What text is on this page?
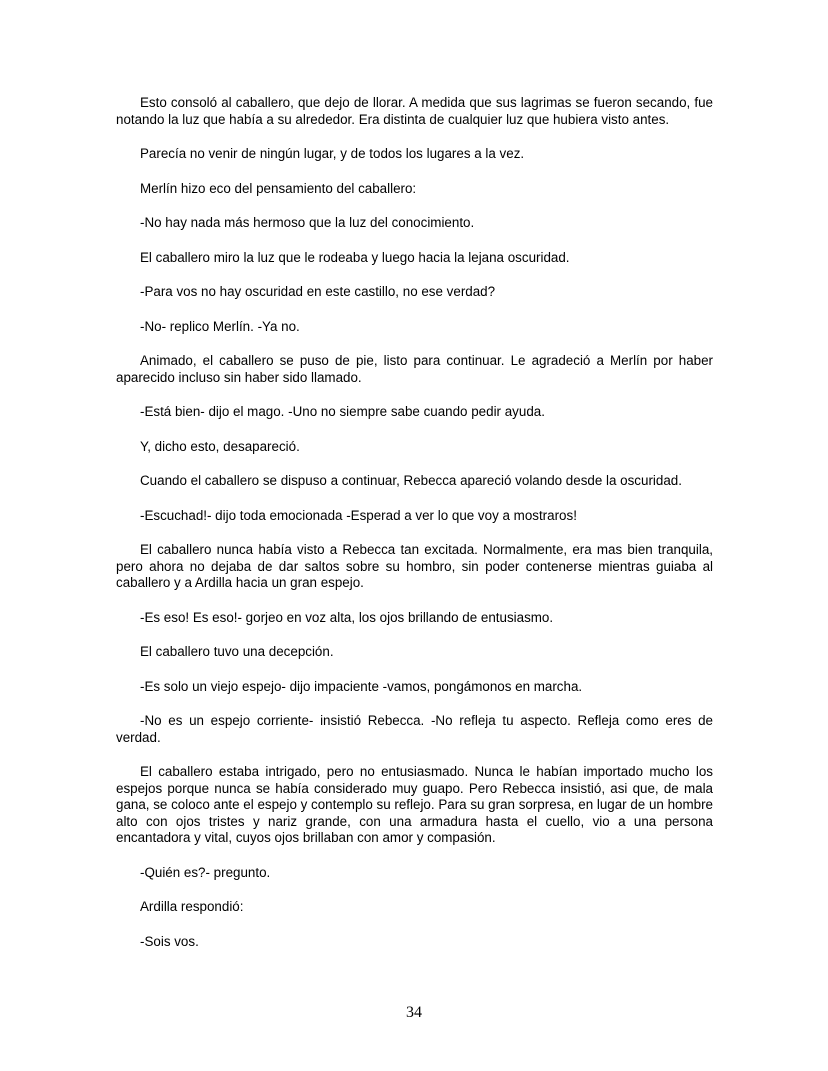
Esto consoló al caballero, que dejo de llorar. A medida que sus lagrimas se fueron secando, fue notando la luz que había a su alrededor. Era distinta de cualquier luz que hubiera visto antes.

Parecía no venir de ningún lugar, y de todos los lugares a la vez.

Merlín hizo eco del pensamiento del caballero:

-No hay nada más hermoso que la luz del conocimiento.

El caballero miro la luz que le rodeaba y luego hacia la lejana oscuridad.

-Para vos no hay oscuridad en este castillo, no ese verdad?

-No- replico Merlín. -Ya no.

Animado, el caballero se puso de pie, listo para continuar. Le agradeció a Merlín por haber aparecido incluso sin haber sido llamado.

-Está bien- dijo el mago. -Uno no siempre sabe cuando pedir ayuda.

Y, dicho esto, desapareció.

Cuando el caballero se dispuso a continuar, Rebecca apareció volando desde la oscuridad.

-Escuchad!- dijo toda emocionada -Esperad a ver lo que voy a mostraros!

El caballero nunca había visto a Rebecca tan excitada. Normalmente, era mas bien tranquila, pero ahora no dejaba de dar saltos sobre su hombro, sin poder contenerse mientras guiaba al caballero y a Ardilla hacia un gran espejo.

-Es eso! Es eso!- gorjeo en voz alta, los ojos brillando de entusiasmo.

El caballero tuvo una decepción.

-Es solo un viejo espejo- dijo impaciente -vamos, pongámonos en marcha.

-No es un espejo corriente- insistió Rebecca. -No refleja tu aspecto. Refleja como eres de verdad.

El caballero estaba intrigado, pero no entusiasmado. Nunca le habían importado mucho los espejos porque nunca se había considerado muy guapo. Pero Rebecca insistió, asi que, de mala gana, se coloco ante el espejo y contemplo su reflejo. Para su gran sorpresa, en lugar de un hombre alto con ojos tristes y nariz grande, con una armadura hasta el cuello, vio a una persona encantadora y vital, cuyos ojos brillaban con amor y compasión.

-Quién es?- pregunto.

Ardilla respondió:

-Sois vos.

34
